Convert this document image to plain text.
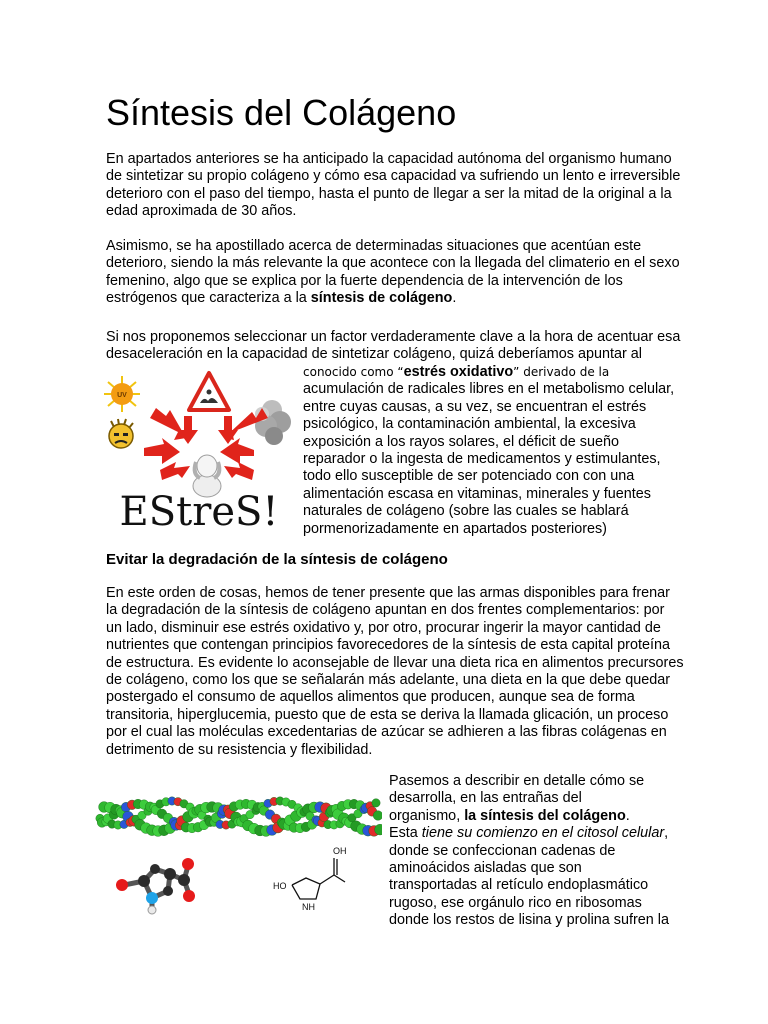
Síntesis del Colágeno

En apartados anteriores se ha anticipado la capacidad autónoma del organismo humano
de sintetizar su propio colágeno y cómo esa capacidad va sufriendo un lento e irreversible
deterioro con el paso del tiempo, hasta el punto de llegar a ser la mitad de la original a la
edad aproximada de 30 años.

Asimismo, se ha apostillado acerca de determinadas situaciones que acentúan este
deterioro, siendo la más relevante la que acontece con la llegada del climaterio en el sexo
femenino, algo que se explica por la fuerte dependencia de la intervención de los
estrógenos que caracteriza a la síntesis de colágeno.

Si nos proponemos seleccionar un factor verdaderamente clave a la hora de acentuar esa
desaceleración en la capacidad de sintetizar colágeno, quizá deberíamos apuntar al

UV
EStreS!
conocido como “estrés oxidativo” derivado de la
acumulación de radicales libres en el metabolismo celular,
entre cuyas causas, a su vez, se encuentran el estrés
psicológico, la contaminación ambiental, la excesiva
exposición a los rayos solares, el déficit de sueño
reparador o la ingesta de medicamentos y estimulantes,
todo ello susceptible de ser potenciado con con una
alimentación escasa en vitaminas, minerales y fuentes
naturales de colágeno (sobre las cuales se hablará
pormenorizadamente en apartados posteriores)
Evitar la degradación de la síntesis de colágeno

En este orden de cosas, hemos de tener presente que las armas disponibles para frenar
la degradación de la síntesis de colágeno apuntan en dos frentes complementarios: por
un lado, disminuir ese estrés oxidativo y, por otro, procurar ingerir la mayor cantidad de
nutrientes que contengan principios favorecedores de la síntesis de esta capital proteína
de estructura. Es evidente lo aconsejable de llevar una dieta rica en alimentos precursores
de colágeno, como los que se señalarán más adelante, una dieta en la que debe quedar
postergado el consumo de aquellos alimentos que producen, aunque sea de forma
transitoria, hiperglucemia, puesto que de esta se deriva la llamada glicación, un proceso
por el cual las moléculas excedentarias de azúcar se adhieren a las fibras colágenas en
detrimento de su resistencia y flexibilidad.

HO
NH
OH
Pasemos a describir en detalle cómo se
desarrolla, en las entrañas del
organismo, la síntesis del colágeno.
Esta tiene su comienzo en el citosol celular,
donde se confeccionan cadenas de
aminoácidos aisladas que son
transportadas al retículo endoplasmático
rugoso, ese orgánulo rico en ribosomas
donde los restos de lisina y prolina sufren la
